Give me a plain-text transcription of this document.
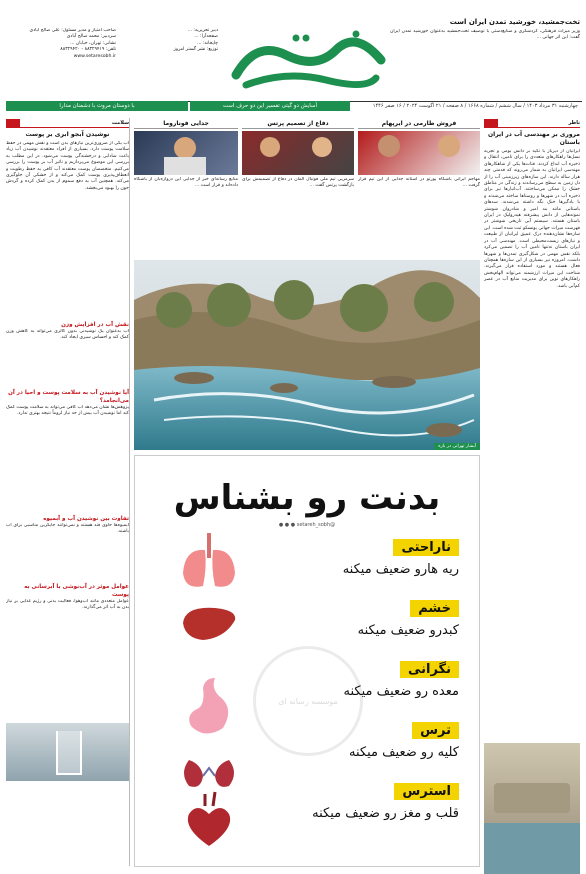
تخت‌جمشید، خورشید تمدن ایران است
وزیر میراث فرهنگی، گردشگری و صنایع‌دستی با توصیف تخت‌جمشید به‌عنوان خورشید تمدن ایران گفت: این اثر جهانی ...
صاحب امتیاز و مدیر مسئول: علی صالح آبادی
سردبیر: محمد صالح آبادی
نشانی: تهران، خیابان ...
تلفن: ۸۸۳۲۹۴۱۹ - ۸۸۳۲۹۴۲۰
www.setaresobh.ir
دبیر تحریریه: ...
صفحه‌آرا: ...
چاپخانه: ...
توزیع: نشر گستر امروز
چهارشنبه ۳۱ مرداد ۱۴۰۳ / سال ششم / شماره ۱۶۶۸ / ۸ صفحه / ۲۱ اگوست ۲۰۲۴ / ۱۶ صفر ۱۴۴۶
آسایش دو گیتی تفسیر این دو حرف است
با دوستان مروت با دشمنان مدارا
سلامت
نوشیدن آبجو ابری بر پوست
آب یکی از ضروری‌ترین نیازهای بدن است و نقش مهمی در حفظ سلامت پوست دارد. بسیاری از افراد معتقدند نوشیدن آب زیاد باعث شادابی و درخشندگی پوست می‌شود. در این مطلب به بررسی این موضوع می‌پردازیم و تاثیر آب بر پوست را بررسی می‌کنیم. متخصصان پوست معتقدند آب کافی به حفظ رطوبت و انعطاف‌پذیری پوست کمک می‌کند و از خشکی آن جلوگیری می‌کند. همچنین آب به دفع سموم از بدن کمک کرده و گردش خون را بهبود می‌بخشد.
نقش آب در افزایش وزن
آب به‌عنوان یک نوشیدنی بدون کالری می‌تواند به کاهش وزن کمک کند و احساس سیری ایجاد کند.
آیا نوشیدن آب به سلامت پوست و احیا در آن می‌انجامد؟
پژوهش‌ها نشان می‌دهد آب کافی می‌تواند به سلامت پوست کمک کند اما نوشیدن آب بیش از حد نیاز لزوماً نتیجه بهتری ندارد.
تفاوت بین نوشیدن آب و آبمیوه
آبمیوه‌ها حاوی قند هستند و نمی‌توانند جایگزین مناسبی برای آب باشند.
عوامل موثر در آب‌نوشی با آبرسانی به پوست
عوامل متعددی مانند آب‌وهوا، فعالیت بدنی و رژیم غذایی بر نیاز بدن به آب اثر می‌گذارند.
جدایی فوناروما
منابع رسانه‌ای خبر از جدایی این دروازه‌بان از باشگاه داده‌اند و قرار است ...
دفاع از تصمیم پرتس
سرمربی تیم ملی فوتبال آلمان در دفاع از تصمیمش برای بازگشت پرتس گفت ...
فروش طارمی در ایرپهام
مهاجم ایرانی باشگاه پورتو در آستانه جدایی از این تیم قرار گرفت ...
آبشار تهرانی در بازه
بدنت رو بشناس
@setareh_sobh ● ● ●
موسسه رسانه ای
ناراحتی
ریه هارو ضعیف میکنه
خشم
کبدرو ضعیف میکنه
نگرانی
معده رو ضعیف میکنه
ترس
کلیه رو ضعیف میکنه
استرس
قلب و مغز رو ضعیف میکنه
ناظر
مروری بر مهندسی آب در ایران باستان
ایرانیان از دیرباز با تکیه بر دانش بومی و تجربه نسل‌ها راهکارهای متعددی را برای تامین، انتقال و ذخیره آب ابداع کردند. قنات‌ها یکی از شاهکارهای مهندسی ایرانیان به شمار می‌روند که قدمتی چند هزار ساله دارند. این سازه‌های زیرزمینی آب را از دل زمین به سطح می‌رساندند و زندگی در مناطق خشک را ممکن می‌ساختند. آب‌انبارها نیز برای ذخیره آب در شهرها و روستاها ساخته می‌شدند و با بادگیرها خنک نگه داشته می‌شدند. سدهای باستانی مانند بند امیر و شادروان شوشتر نمونه‌هایی از دانش پیشرفته هیدرولیک در ایران باستان هستند. سیستم آبی تاریخی شوشتر در فهرست میراث جهانی یونسکو ثبت شده است. این سازه‌ها نشان‌دهنده درک عمیق ایرانیان از طبیعت و نیازهای زیست‌محیطی است. مهندسی آب در ایران باستان نه‌تنها تامین آب را تضمین می‌کرد بلکه نقش مهمی در شکل‌گیری تمدن‌ها و شهرها داشت. امروزه نیز بسیاری از این سازه‌ها همچنان فعال هستند و مورد استفاده قرار می‌گیرند. شناخت این میراث ارزشمند می‌تواند الهام‌بخش راهکارهای نوین برای مدیریت منابع آب در عصر کم‌آبی باشد.
